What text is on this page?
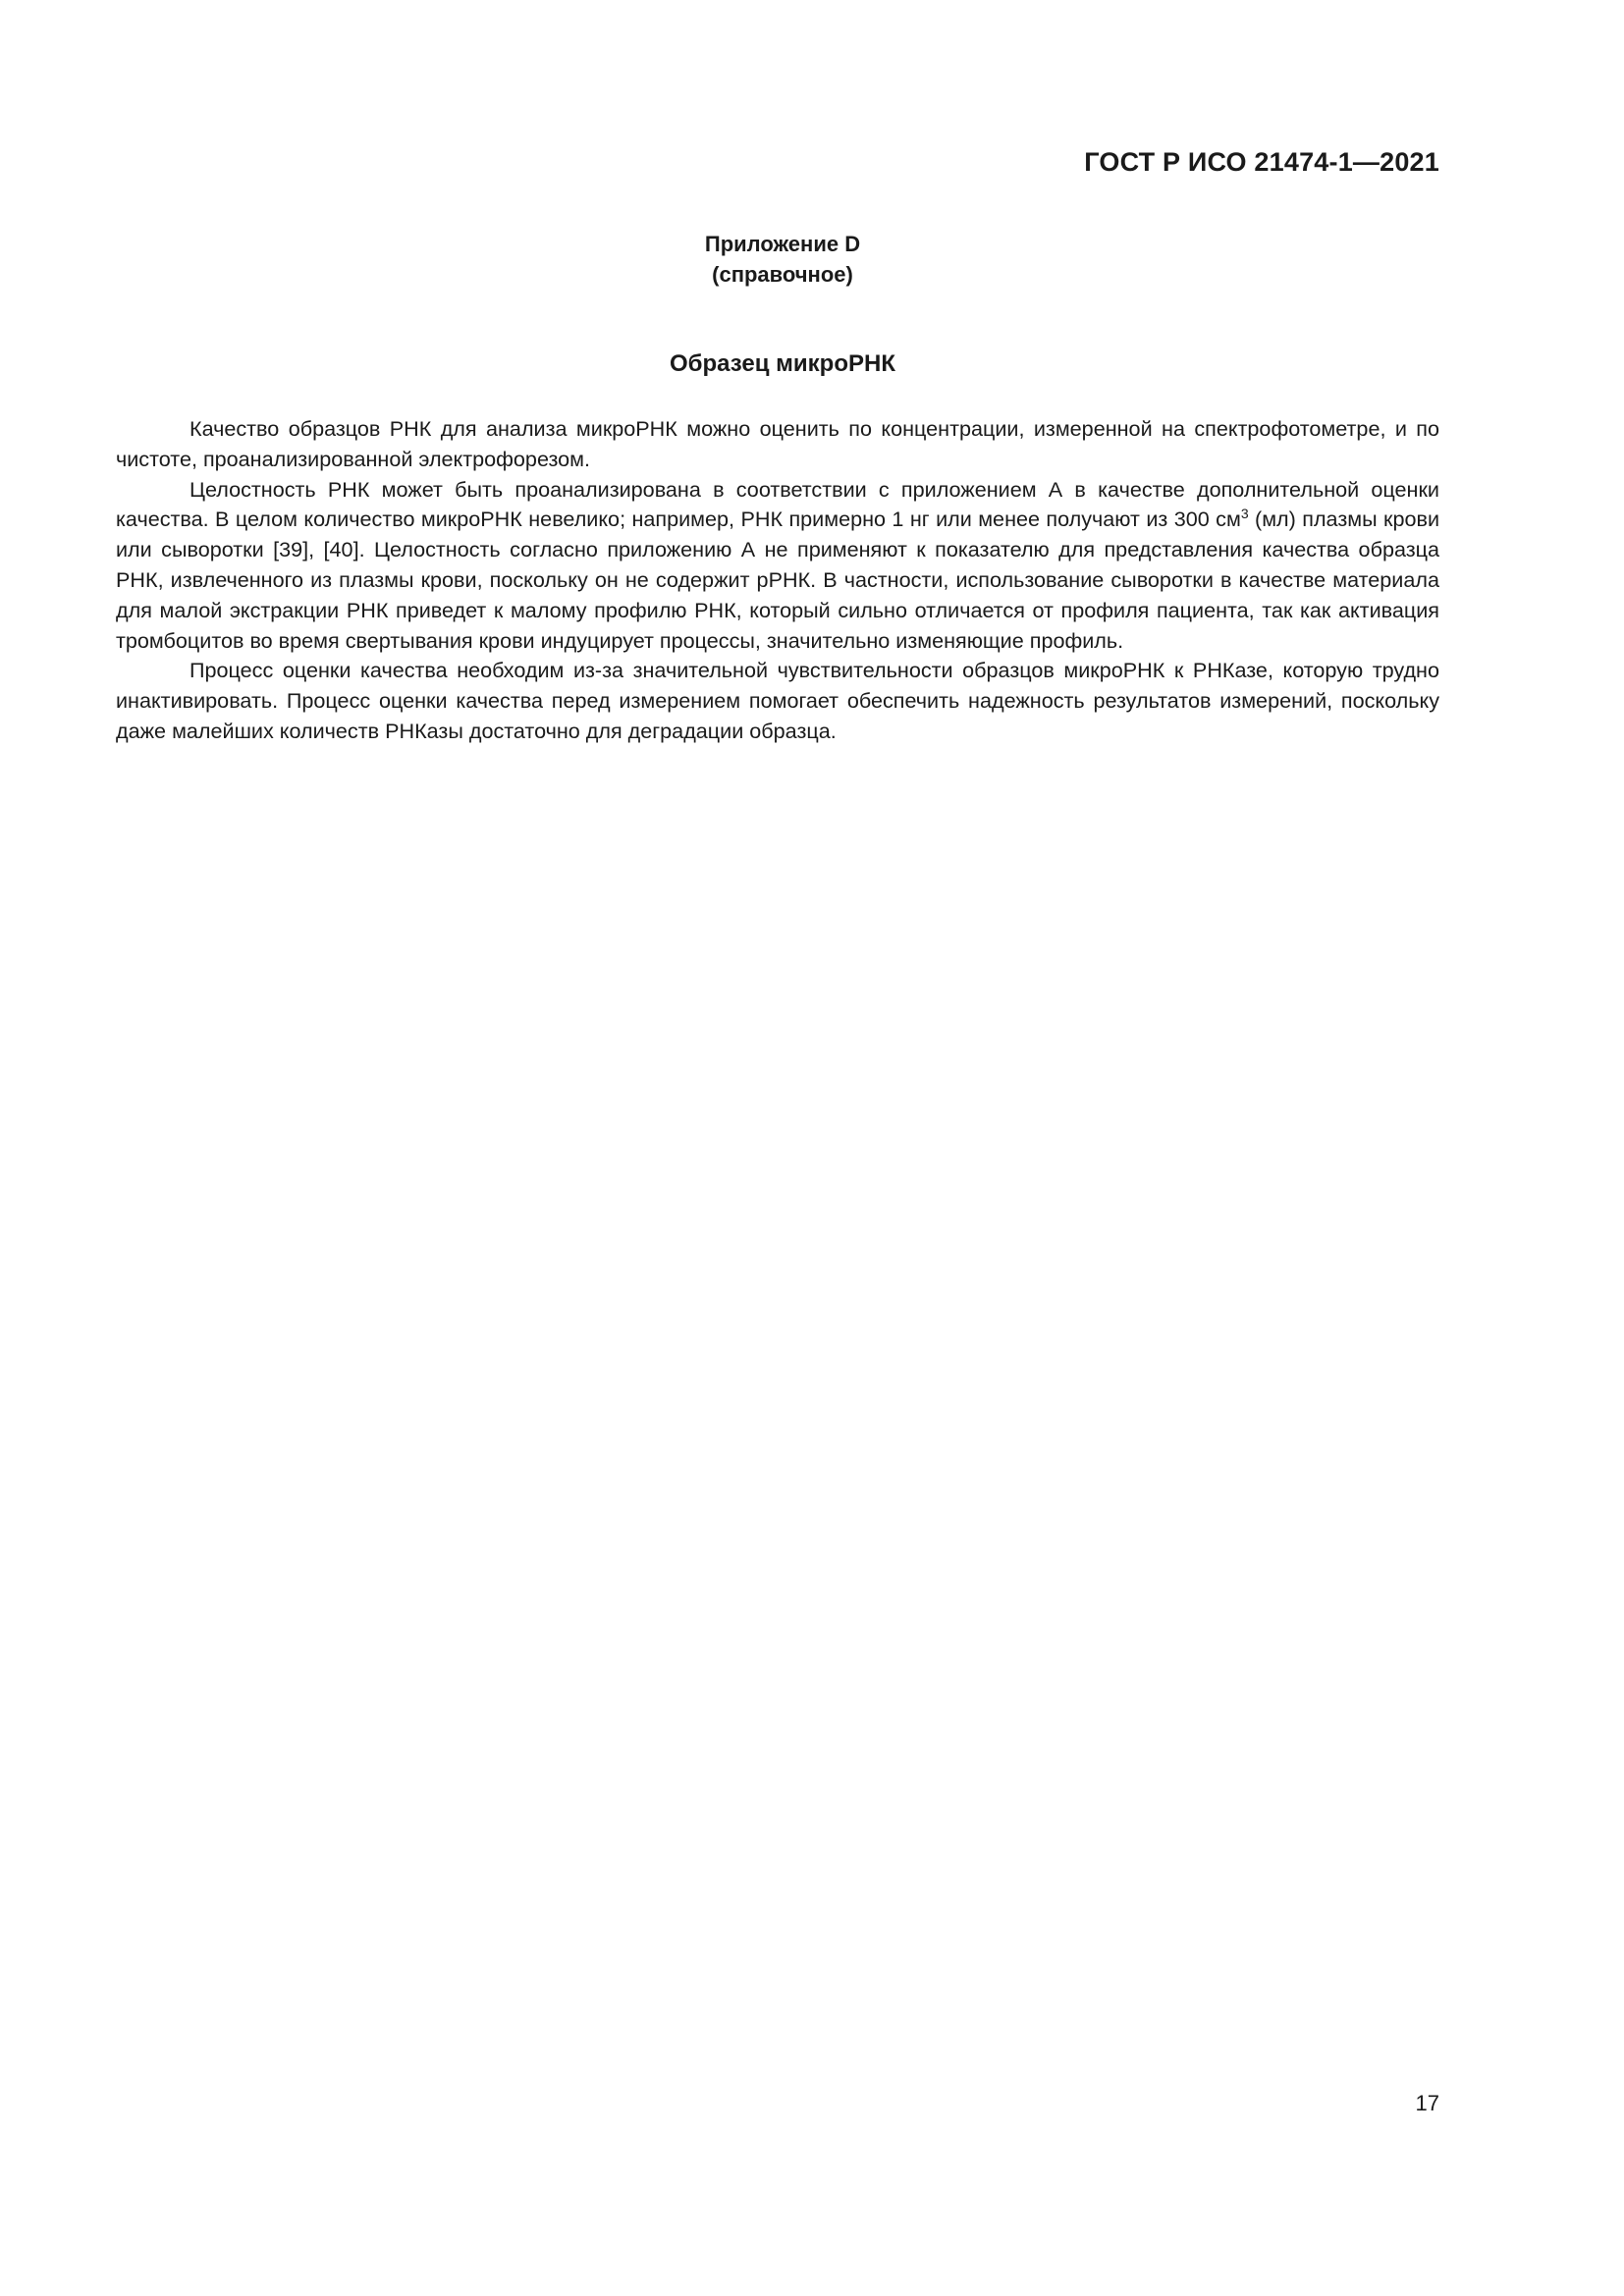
ГОСТ Р ИСО 21474-1—2021
Приложение D
(справочное)
Образец микроРНК

Качество образцов РНК для анализа микроРНК можно оценить по концентрации, измеренной на спектрофотометре, и по чистоте, проанализированной электрофорезом.

Целостность РНК может быть проанализирована в соответствии с приложением А в качестве дополнительной оценки качества. В целом количество микроРНК невелико; например, РНК примерно 1 нг или менее получают из 300 $см^3$ (мл) плазмы крови или сыворотки [39], [40]. Целостность согласно приложению А не применяют к показателю для представления качества образца РНК, извлеченного из плазмы крови, поскольку он не содержит рРНК. В частности, использование сыворотки в качестве материала для малой экстракции РНК приведет к малому профилю РНК, который сильно отличается от профиля пациента, так как активация тромбоцитов во время свертывания крови индуцирует процессы, значительно изменяющие профиль.

Процесс оценки качества необходим из-за значительной чувствительности образцов микроРНК к РНКазе, которую трудно инактивировать. Процесс оценки качества перед измерением помогает обеспечить надежность результатов измерений, поскольку даже малейших количеств РНКазы достаточно для деградации образца.

17
